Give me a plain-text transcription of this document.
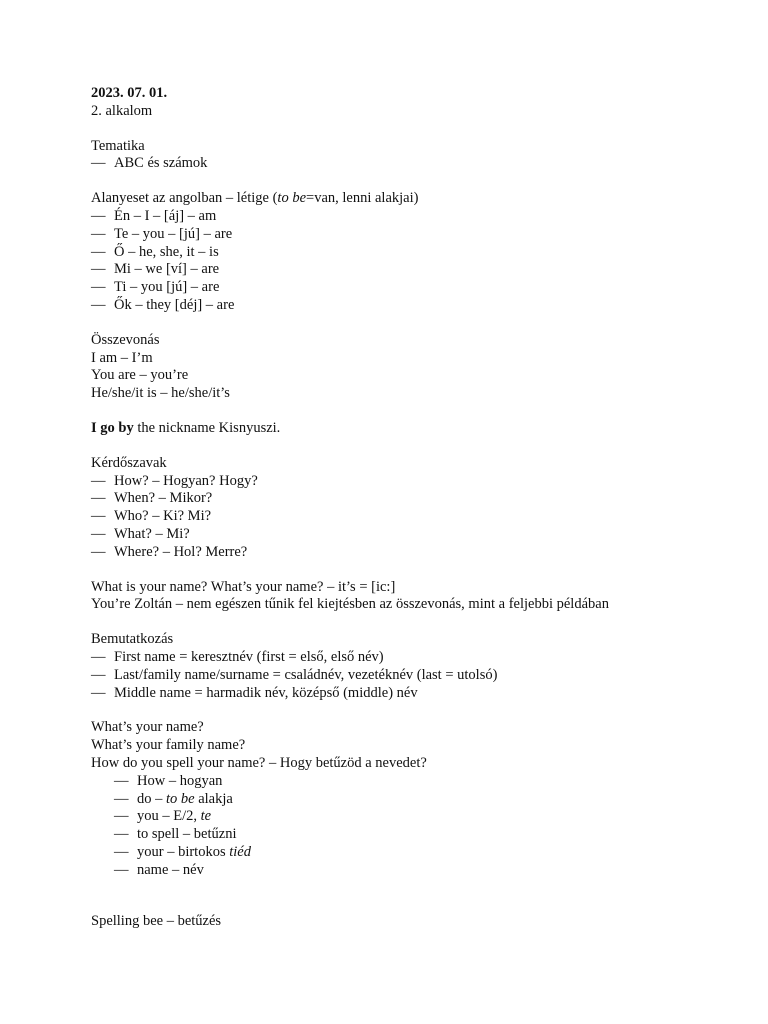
2023. 07. 01.
2. alkalom
Tematika
— ABC és számok
Alanyeset az angolban – létige (to be=van, lenni alakjai)
— Én – I – [áj] – am
— Te – you – [jú] – are
— Ő – he, she, it – is
— Mi – we [ví] – are
— Ti – you [jú] – are
— Ők – they [déj] – are
Összevonás
I am – I’m
You are – you’re
He/she/it is – he/she/it’s
I go by the nickname Kisnyuszi.
Kérdőszavak
— How? – Hogyan? Hogy?
— When? – Mikor?
— Who? – Ki? Mi?
— What? – Mi?
— Where? – Hol? Merre?
What is your name? What’s your name? – it’s = [ic:]
You’re Zoltán – nem egészen tűnik fel kiejtésben az összevonás, mint a feljebbi példában
Bemutatkozás
— First name = keresztnév (first = első, első név)
— Last/family name/surname = családnév, vezetéknév (last = utolsó)
— Middle name = harmadik név, középső (middle) név
What’s your name?
What’s your family name?
How do you spell your name? – Hogy betűzöd a nevedet?
— How – hogyan
— do – to be alakja
— you – E/2, te
— to spell – betűzni
— your – birtokos tiéd
— name – név
Spelling bee – betűzés
